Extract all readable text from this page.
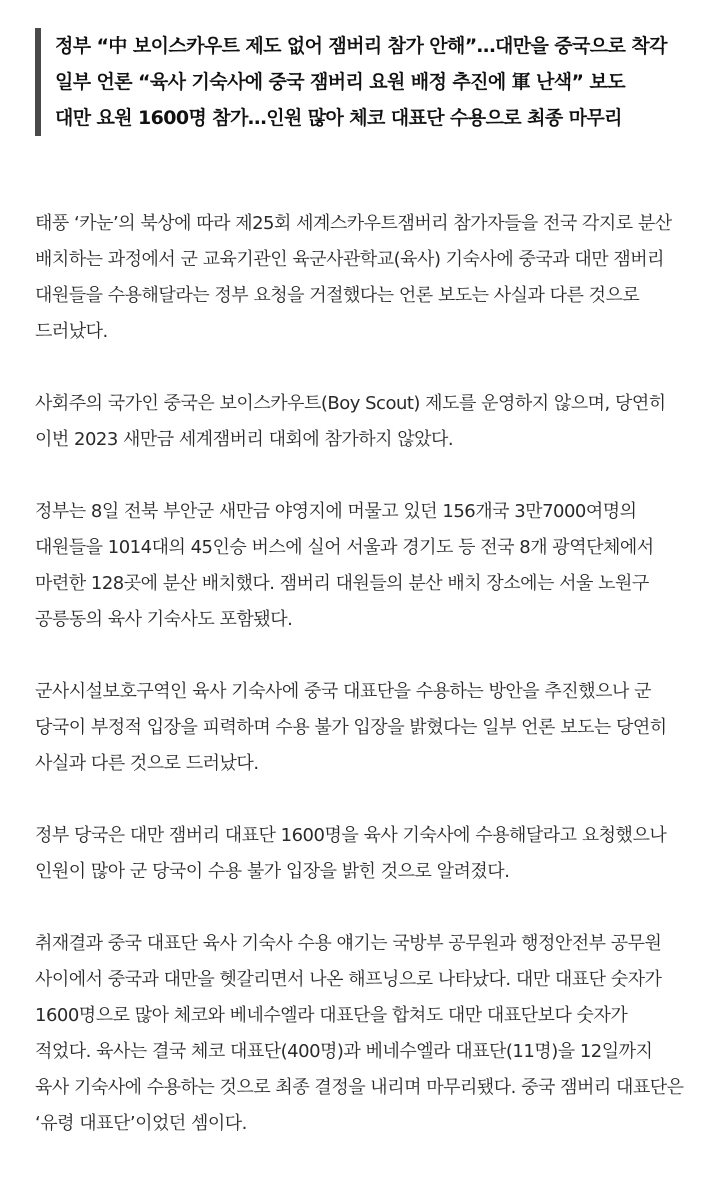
정부 “中 보이스카우트 제도 없어 잼버리 참가 안해”…대만을 중국으로 착각
일부 언론 “육사 기숙사에 중국 잼버리 요원 배정 추진에 軍 난색” 보도
대만 요원 1600명 참가…인원 많아 체코 대표단 수용으로 최종 마무리

태풍 ‘카눈’의 북상에 따라 제25회 세계스카우트잼버리 참가자들을 전국 각지로 분산 배치하는 과정에서 군 교육기관인 육군사관학교(육사) 기숙사에 중국과 대만 잼버리 대원들을 수용해달라는 정부 요청을 거절했다는 언론 보도는 사실과 다른 것으로 드러났다.

사회주의 국가인 중국은 보이스카우트(Boy Scout) 제도를 운영하지 않으며, 당연히 이번 2023 새만금 세계잼버리 대회에 참가하지 않았다.

정부는 8일 전북 부안군 새만금 야영지에 머물고 있던 156개국 3만7000여명의 대원들을 1014대의 45인승 버스에 실어 서울과 경기도 등 전국 8개 광역단체에서 마련한 128곳에 분산 배치했다. 잼버리 대원들의 분산 배치 장소에는 서울 노원구 공릉동의 육사 기숙사도 포함됐다.

군사시설보호구역인 육사 기숙사에 중국 대표단을 수용하는 방안을 추진했으나 군 당국이 부정적 입장을 피력하며 수용 불가 입장을 밝혔다는 일부 언론 보도는 당연히 사실과 다른 것으로 드러났다.

정부 당국은 대만 잼버리 대표단 1600명을 육사 기숙사에 수용해달라고 요청했으나 인원이 많아 군 당국이 수용 불가 입장을 밝힌 것으로 알려졌다.

취재결과 중국 대표단 육사 기숙사 수용 얘기는 국방부 공무원과 행정안전부 공무원 사이에서 중국과 대만을 헷갈리면서 나온 해프닝으로 나타났다. 대만 대표단 숫자가 1600명으로 많아 체코와 베네수엘라 대표단을 합쳐도 대만 대표단보다 숫자가 적었다. 육사는 결국 체코 대표단(400명)과 베네수엘라 대표단(11명)을 12일까지 육사 기숙사에 수용하는 것으로 최종 결정을 내리며 마무리됐다. 중국 잼버리 대표단은 ‘유령 대표단’이었던 셈이다.
